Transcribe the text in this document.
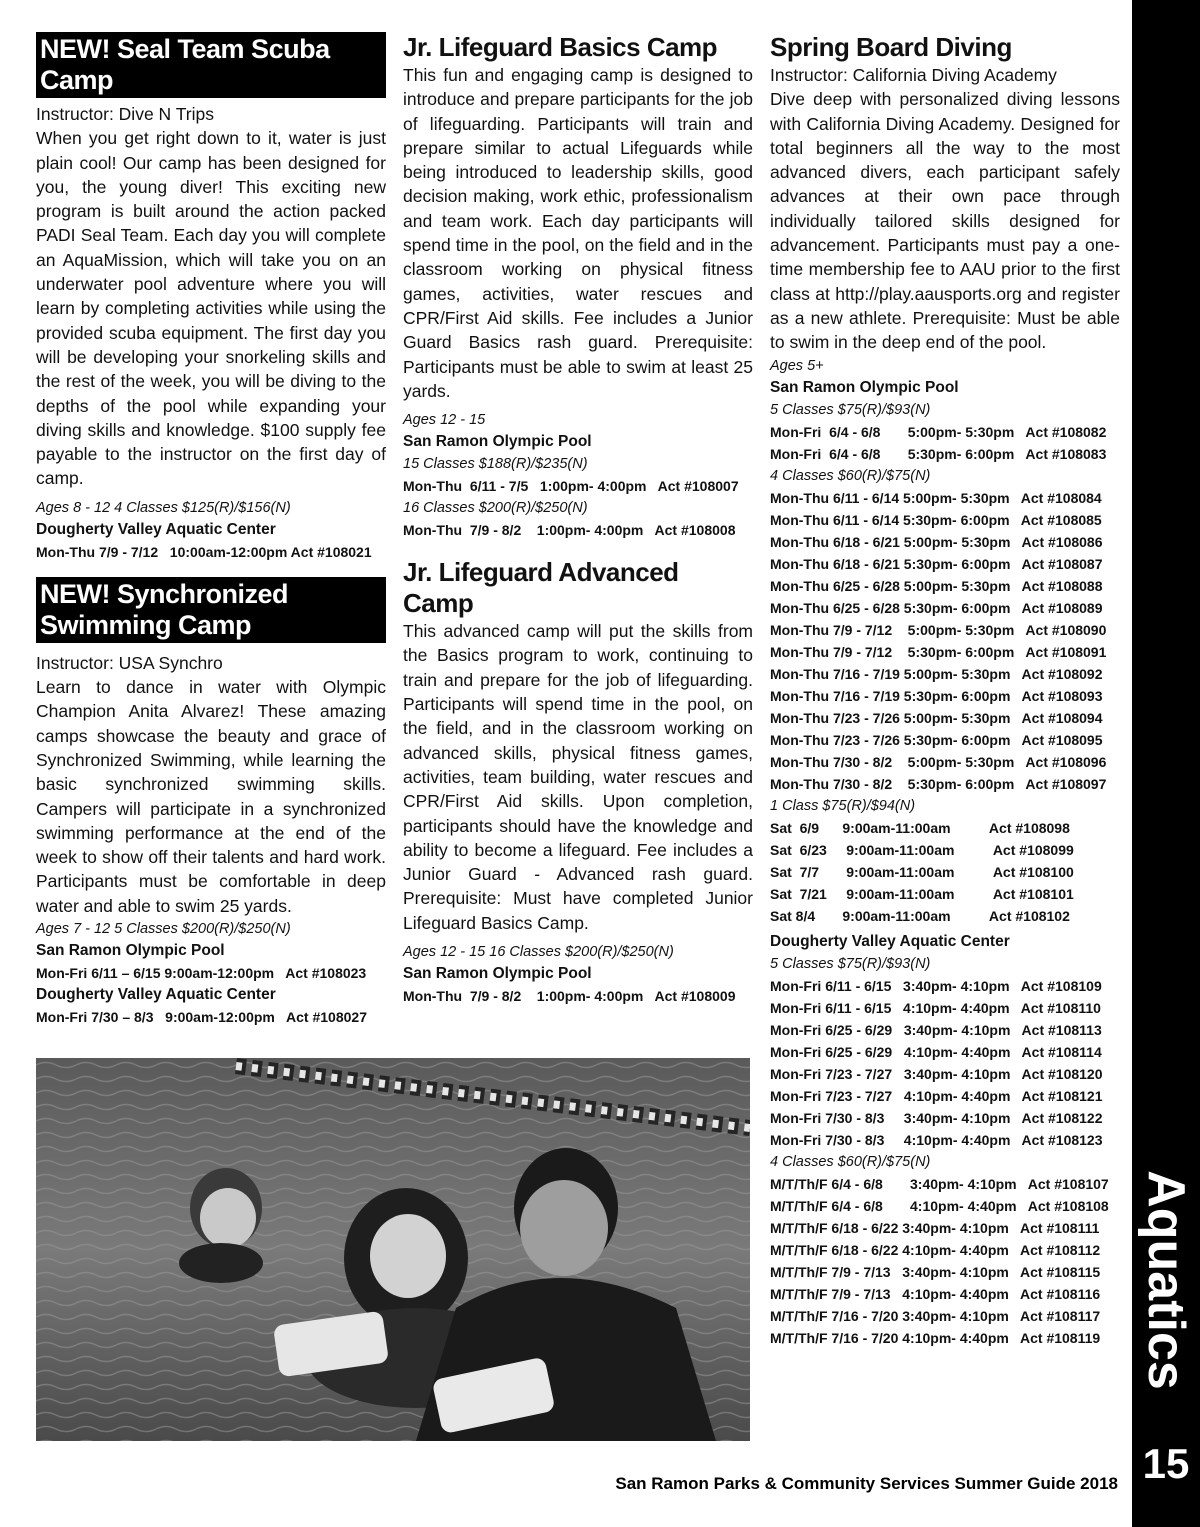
NEW! Seal Team Scuba Camp

Instructor: Dive N Trips

When you get right down to it, water is just plain cool! Our camp has been designed for you, the young diver! This exciting new program is built around the action packed PADI Seal Team. Each day you will complete an AquaMission, which will take you on an underwater pool adventure where you will learn by completing activities while using the provided scuba equipment. The first day you will be developing your snorkeling skills and the rest of the week, you will be diving to the depths of the pool while expanding your diving skills and knowledge. $100 supply fee payable to the instructor on the first day of camp.

Ages 8 - 12 4 Classes $125(R)/$156(N)
Dougherty Valley Aquatic Center
Mon-Thu 7/9 - 7/12   10:00am-12:00pm Act #108021
NEW! Synchronized
Swimming Camp

Instructor: USA Synchro

Learn to dance in water with Olympic Champion Anita Alvarez! These amazing camps showcase the beauty and grace of Synchronized Swimming, while learning the basic synchronized swimming skills. Campers will participate in a synchronized swimming performance at the end of the week to show off their talents and hard work. Participants must be comfortable in deep water and able to swim 25 yards.

Ages 7 - 12 5 Classes $200(R)/$250(N)
San Ramon Olympic Pool
Mon-Fri 6/11 – 6/15 9:00am-12:00pm   Act #108023
Dougherty Valley Aquatic Center
Mon-Fri 7/30 – 8/3   9:00am-12:00pm   Act #108027
Jr. Lifeguard Basics Camp

This fun and engaging camp is designed to introduce and prepare participants for the job of lifeguarding. Participants will train and prepare similar to actual Lifeguards while being introduced to leadership skills, good decision making, work ethic, professionalism and team work. Each day participants will spend time in the pool, on the field and in the classroom working on physical fitness games, activities, water rescues and CPR/First Aid skills. Fee includes a Junior Guard Basics rash guard. Prerequisite: Participants must be able to swim at least 25 yards.

Ages 12 - 15
San Ramon Olympic Pool
15 Classes $188(R)/$235(N)
Mon-Thu  6/11 - 7/5   1:00pm- 4:00pm   Act #108007
16 Classes $200(R)/$250(N)
Mon-Thu  7/9 - 8/2    1:00pm- 4:00pm   Act #108008
Jr. Lifeguard Advanced Camp

This advanced camp will put the skills from the Basics program to work, continuing to train and prepare for the job of lifeguarding. Participants will spend time in the pool, on the field, and in the classroom working on advanced skills, physical fitness games, activities, team building, water rescues and CPR/First Aid skills. Upon completion, participants should have the knowledge and ability to become a lifeguard. Fee includes a Junior Guard - Advanced rash guard. Prerequisite: Must have completed Junior Lifeguard Basics Camp.

Ages 12 - 15 16 Classes $200(R)/$250(N)
San Ramon Olympic Pool
Mon-Thu  7/9 - 8/2    1:00pm- 4:00pm   Act #108009
Spring Board Diving

Instructor: California Diving Academy

Dive deep with personalized diving lessons with California Diving Academy. Designed for total beginners all the way to the most advanced divers, each participant safely advances at their own pace through individually tailored skills designed for advancement. Participants must pay a one-time membership fee to AAU prior to the first class at http://play.aausports.org and register as a new athlete. Prerequisite: Must be able to swim in the deep end of the pool.

Ages 5+
San Ramon Olympic Pool
5 Classes $75(R)/$93(N)
Mon-Fri  6/4 - 6/8       5:00pm- 5:30pm   Act #108082
Mon-Fri  6/4 - 6/8       5:30pm- 6:00pm   Act #108083
4 Classes $60(R)/$75(N)
Mon-Thu 6/11 - 6/14 5:00pm- 5:30pm   Act #108084
Mon-Thu 6/11 - 6/14 5:30pm- 6:00pm   Act #108085
Mon-Thu 6/18 - 6/21 5:00pm- 5:30pm   Act #108086
Mon-Thu 6/18 - 6/21 5:30pm- 6:00pm   Act #108087
Mon-Thu 6/25 - 6/28 5:00pm- 5:30pm   Act #108088
Mon-Thu 6/25 - 6/28 5:30pm- 6:00pm   Act #108089
Mon-Thu 7/9 - 7/12    5:00pm- 5:30pm   Act #108090
Mon-Thu 7/9 - 7/12    5:30pm- 6:00pm   Act #108091
Mon-Thu 7/16 - 7/19 5:00pm- 5:30pm   Act #108092
Mon-Thu 7/16 - 7/19 5:30pm- 6:00pm   Act #108093
Mon-Thu 7/23 - 7/26 5:00pm- 5:30pm   Act #108094
Mon-Thu 7/23 - 7/26 5:30pm- 6:00pm   Act #108095
Mon-Thu 7/30 - 8/2    5:00pm- 5:30pm   Act #108096
Mon-Thu 7/30 - 8/2    5:30pm- 6:00pm   Act #108097
1 Class $75(R)/$94(N)
Sat  6/9      9:00am-11:00am          Act #108098
Sat  6/23     9:00am-11:00am          Act #108099
Sat  7/7       9:00am-11:00am          Act #108100
Sat  7/21     9:00am-11:00am          Act #108101
Sat 8/4       9:00am-11:00am          Act #108102
Dougherty Valley Aquatic Center
5 Classes $75(R)/$93(N)
Mon-Fri 6/11 - 6/15   3:40pm- 4:10pm   Act #108109
Mon-Fri 6/11 - 6/15   4:10pm- 4:40pm   Act #108110
Mon-Fri 6/25 - 6/29   3:40pm- 4:10pm   Act #108113
Mon-Fri 6/25 - 6/29   4:10pm- 4:40pm   Act #108114
Mon-Fri 7/23 - 7/27   3:40pm- 4:10pm   Act #108120
Mon-Fri 7/23 - 7/27   4:10pm- 4:40pm   Act #108121
Mon-Fri 7/30 - 8/3     3:40pm- 4:10pm   Act #108122
Mon-Fri 7/30 - 8/3     4:10pm- 4:40pm   Act #108123
4 Classes $60(R)/$75(N)
M/T/Th/F 6/4 - 6/8       3:40pm- 4:10pm   Act #108107
M/T/Th/F 6/4 - 6/8       4:10pm- 4:40pm   Act #108108
M/T/Th/F 6/18 - 6/22 3:40pm- 4:10pm   Act #108111
M/T/Th/F 6/18 - 6/22 4:10pm- 4:40pm   Act #108112
M/T/Th/F 7/9 - 7/13   3:40pm- 4:10pm   Act #108115
M/T/Th/F 7/9 - 7/13   4:10pm- 4:40pm   Act #108116
M/T/Th/F 7/16 - 7/20 3:40pm- 4:10pm   Act #108117
M/T/Th/F 7/16 - 7/20 4:10pm- 4:40pm   Act #108119 Aquatics
15
San Ramon Parks & Community Services Summer Guide 2018
